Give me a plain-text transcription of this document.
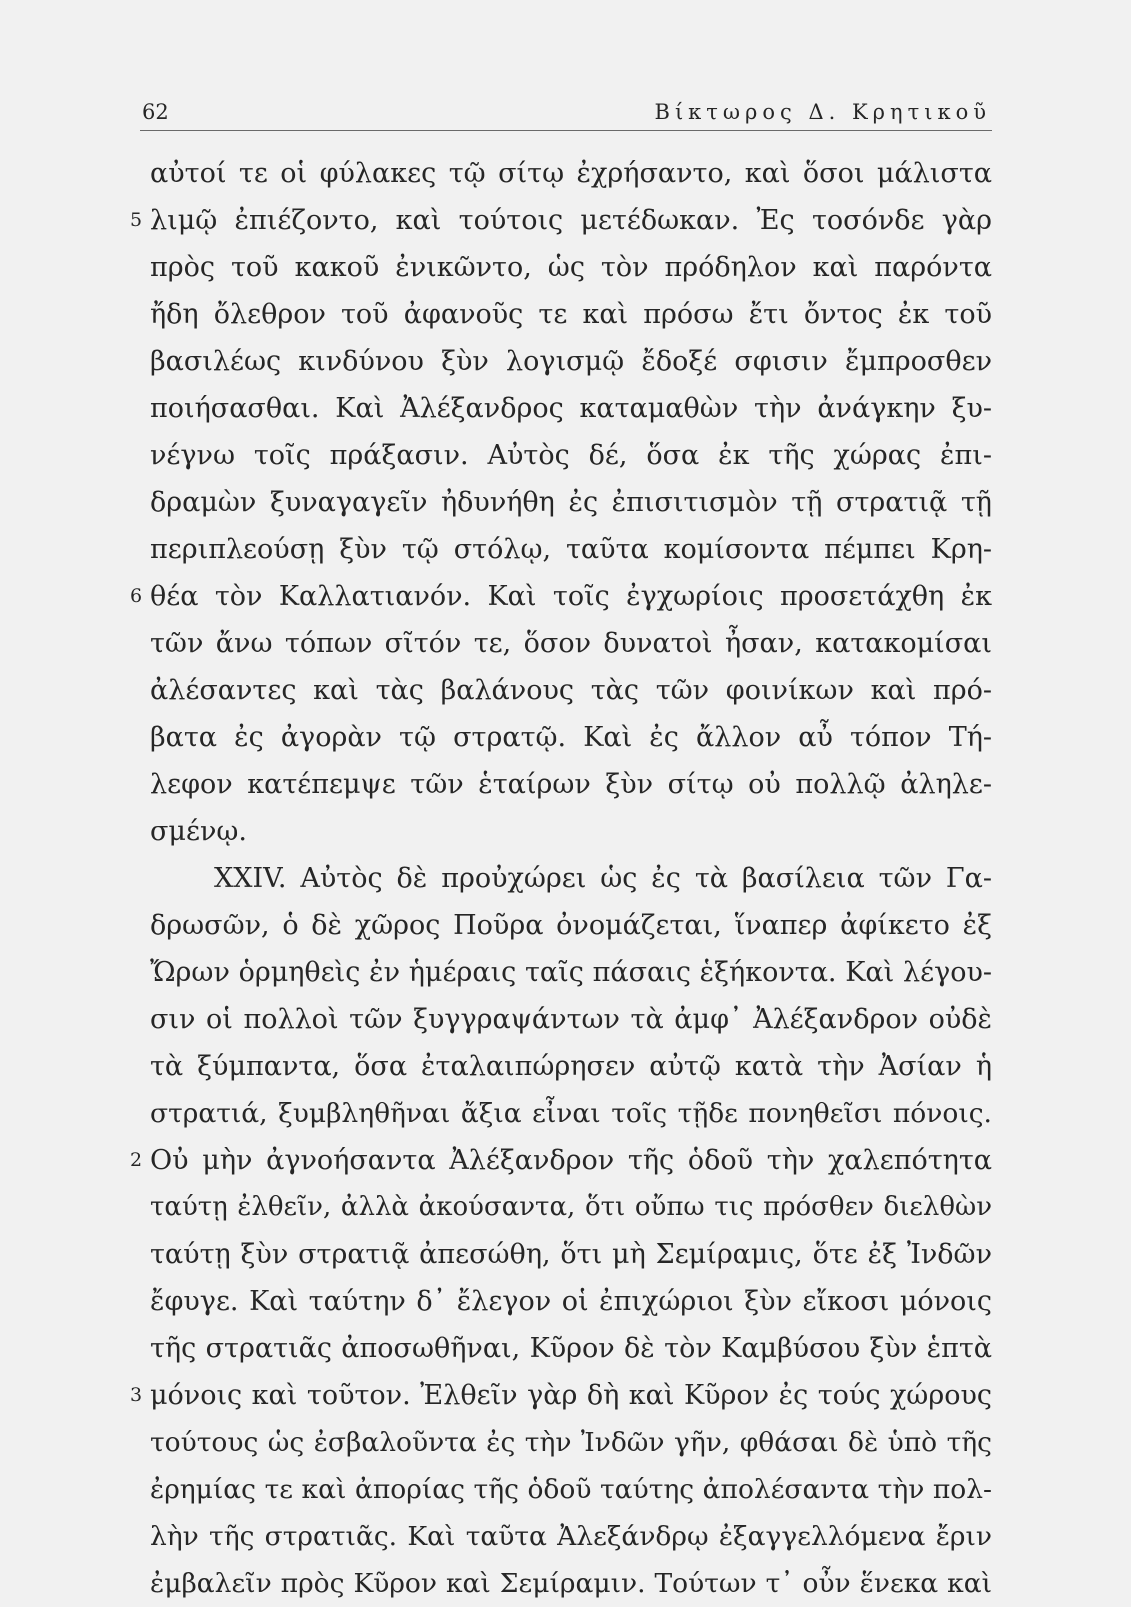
62	Βίκτωρος Δ. Κρητικοῦ
αὐτοί τε οἱ φύλακες τῷ σίτῳ ἐχρήσαντο, καὶ ὅσοι μάλιστα
5 λιμῷ ἐπιέζοντο, καὶ τούτοις μετέδωκαν. Ἐς τοσόνδε γὰρ
πρὸς τοῦ κακοῦ ἐνικῶντο, ὡς τὸν πρόδηλον καὶ παρόντα
ἤδη ὄλεθρον τοῦ ἀφανοῦς τε καὶ πρόσω ἔτι ὄντος ἐκ τοῦ
βασιλέως κινδύνου ξὺν λογισμῷ ἔδοξέ σφισιν ἔμπροσθεν
ποιήσασθαι. Καὶ Ἀλέξανδρος καταμαθὼν τὴν ἀνάγκην ξυ-
νέγνω τοῖς πράξασιν. Αὐτὸς δέ, ὅσα ἐκ τῆς χώρας ἐπι-
δραμὼν ξυναγαγεῖν ἠδυνήθη ἐς ἐπισιτισμὸν τῇ στρατιᾷ τῇ
περιπλεούσῃ ξὺν τῷ στόλῳ, ταῦτα κομίσοντα πέμπει Κρη-
6 θέα τὸν Καλλατιανόν. Καὶ τοῖς ἐγχωρίοις προσετάχθη ἐκ
τῶν ἄνω τόπων σῖτόν τε, ὅσον δυνατοὶ ἦσαν, κατακομίσαι
ἀλέσαντες καὶ τὰς βαλάνους τὰς τῶν φοινίκων καὶ πρό-
βατα ἐς ἀγορὰν τῷ στρατῷ. Καὶ ἐς ἄλλον αὖ τόπον Τή-
λεφον κατέπεμψε τῶν ἑταίρων ξὺν σίτῳ οὐ πολλῷ ἀληλε-
σμένῳ.
XXIV. Αὐτὸς δὲ προὐχώρει ὡς ἐς τὰ βασίλεια τῶν Γα-
δρωσῶν, ὁ δὲ χῶρος Ποῦρα ὀνομάζεται, ἵναπερ ἀφίκετο ἐξ
Ὤρων ὁρμηθεὶς ἐν ἡμέραις ταῖς πάσαις ἑξήκοντα. Καὶ λέγου-
σιν οἱ πολλοὶ τῶν ξυγγραψάντων τὰ ἀμφ᾽ Ἀλέξανδρον οὐδὲ
τὰ ξύμπαντα, ὅσα ἐταλαιπώρησεν αὐτῷ κατὰ τὴν Ἀσίαν ἡ
στρατιά, ξυμβληθῆναι ἄξια εἶναι τοῖς τῇδε πονηθεῖσι πόνοις.
2 Οὐ μὴν ἀγνοήσαντα Ἀλέξανδρον τῆς ὁδοῦ τὴν χαλεπότητα
ταύτῃ ἐλθεῖν, ἀλλὰ ἀκούσαντα, ὅτι οὔπω τις πρόσθεν διελθὼν
ταύτῃ ξὺν στρατιᾷ ἀπεσώθη, ὅτι μὴ Σεμίραμις, ὅτε ἐξ Ἰνδῶν
ἔφυγε. Καὶ ταύτην δ᾽ ἔλεγον οἱ ἐπιχώριοι ξὺν εἴκοσι μόνοις
τῆς στρατιᾶς ἀποσωθῆναι, Κῦρον δὲ τὸν Καμβύσου ξὺν ἑπτὰ
3 μόνοις καὶ τοῦτον. Ἐλθεῖν γὰρ δὴ καὶ Κῦρον ἐς τούς χώρους
τούτους ὡς ἐσβαλοῦντα ἐς τὴν Ἰνδῶν γῆν, φθάσαι δὲ ὑπὸ τῆς
ἐρημίας τε καὶ ἀπορίας τῆς ὁδοῦ ταύτης ἀπολέσαντα τὴν πολ-
λὴν τῆς στρατιᾶς. Καὶ ταῦτα Ἀλεξάνδρῳ ἐξαγγελλόμενα ἔριν
ἐμβαλεῖν πρὸς Κῦρον καὶ Σεμίραμιν. Τούτων τ᾽ οὖν ἕνεκα καὶ
